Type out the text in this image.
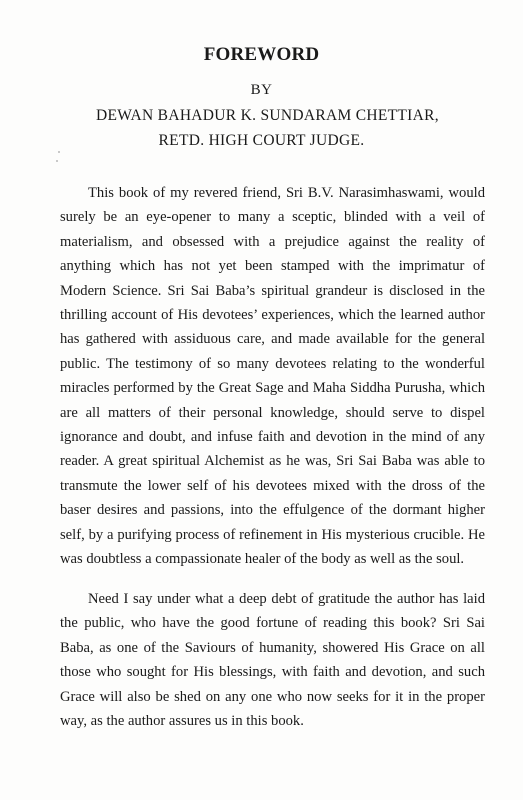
FOREWORD
BY
DEWAN BAHADUR K. SUNDARAM CHETTIAR,
RETD. HIGH COURT JUDGE.

This book of my revered friend, Sri B.V. Narasimhaswami, would surely be an eye-opener to many a sceptic, blinded with a veil of materialism, and obsessed with a prejudice against the reality of anything which has not yet been stamped with the imprimatur of Modern Science. Sri Sai Baba’s spiritual grandeur is disclosed in the thrilling account of His devotees’ experiences, which the learned author has gathered with assiduous care, and made available for the general public. The testimony of so many devotees relating to the wonderful miracles performed by the Great Sage and Maha Siddha Purusha, which are all matters of their personal knowledge, should serve to dispel ignorance and doubt, and infuse faith and devotion in the mind of any reader. A great spiritual Alchemist as he was, Sri Sai Baba was able to transmute the lower self of his devotees mixed with the dross of the baser desires and passions, into the effulgence of the dormant higher self, by a purifying process of refinement in His mysterious crucible. He was doubtless a compassionate healer of the body as well as the soul.

Need I say under what a deep debt of gratitude the author has laid the public, who have the good fortune of reading this book? Sri Sai Baba, as one of the Saviours of humanity, showered His Grace on all those who sought for His blessings, with faith and devotion, and such Grace will also be shed on any one who now seeks for it in the proper way, as the author assures us in this book.
